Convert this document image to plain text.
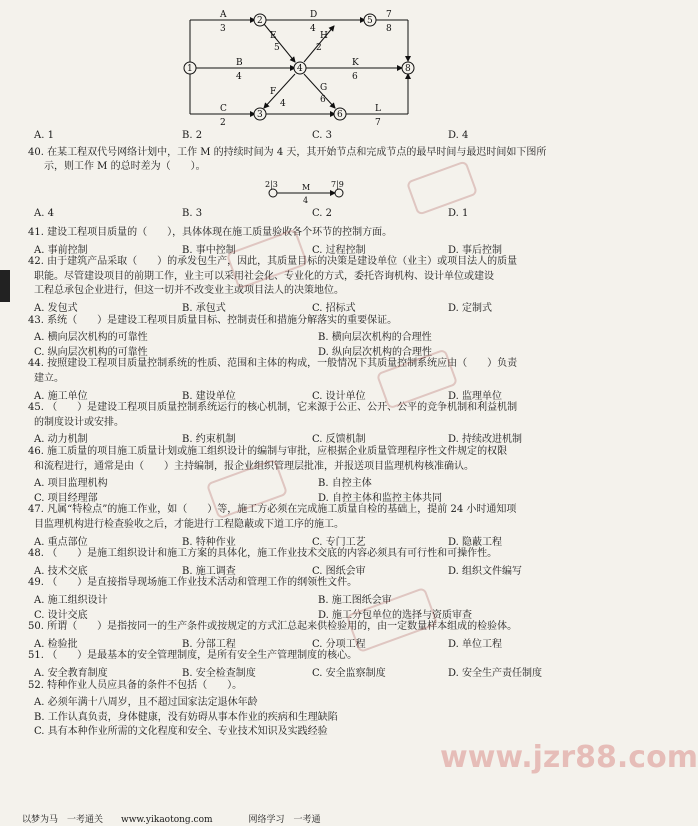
1
2	5
4	8
3	6
A
3
D
4
7
8
B
4
K
6
C
2
L
7
E
5
H
2
F
4
G
6
A. 1	B. 2	C. 3	D. 4
40. 在某工程双代号网络计划中，工作 M 的持续时间为 4 天，其开始节点和完成节点的最早时间与最迟时间如下图所
示，则工作 M 的总时差为（　　）。
2|3	7|9
M
4
A. 4	B. 3	C. 2	D. 1
41. 建设工程项目质量的（　　），具体体现在施工质量验收各个环节的控制方面。
A. 事前控制	B. 事中控制	C. 过程控制	D. 事后控制
42. 由于建筑产品采取（　　）的承发包生产，因此，其质量目标的决策是建设单位（业主）或项目法人的质量
职能。尽管建设项目的前期工作，业主可以采用社会化、专业化的方式，委托咨询机构、设计单位或建设
工程总承包企业进行，但这一切并不改变业主或项目法人的决策地位。
A. 发包式	B. 承包式	C. 招标式	D. 定制式
43. 系统（　　）是建设工程项目质量目标、控制责任和措施分解落实的重要保证。
A. 横向层次机构的可靠性	B. 横向层次机构的合理性
C. 纵向层次机构的可靠性	D. 纵向层次机构的合理性
44. 按照建设工程项目质量控制系统的性质、范围和主体的构成，一般情况下其质量控制系统应由（　　）负责
建立。
A. 施工单位	B. 建设单位	C. 设计单位	D. 监理单位
45. （　　）是建设工程项目质量控制系统运行的核心机制，它来源于公正、公开、公平的竞争机制和利益机制
的制度设计或安排。
A. 动力机制	B. 约束机制	C. 反馈机制	D. 持续改进机制
46. 施工质量的项目施工质量计划或施工组织设计的编制与审批，应根据企业质量管理程序性文件规定的权限
和流程进行，通常是由（　　）主持编制，报企业组织管理层批准，并报送项目监理机构核准确认。
A. 项目监理机构	B. 自控主体
C. 项目经理部	D. 自控主体和监控主体共同
47. 凡属“特检点”的施工作业，如（　　）等，施工方必须在完成施工质量自检的基础上，提前 24 小时通知项
目监理机构进行检查验收之后，才能进行工程隐蔽或下道工序的施工。
A. 重点部位	B. 特种作业	C. 专门工艺	D. 隐蔽工程
48. （　　）是施工组织设计和施工方案的具体化，施工作业技术交底的内容必须具有可行性和可操作性。
A. 技术交底	B. 施工调查	C. 图纸会审	D. 组织文件编写
49. （　　）是直接指导现场施工作业技术活动和管理工作的纲领性文件。
A. 施工组织设计	B. 施工图纸会审
C. 设计交底	D. 施工分包单位的选择与资质审查
50. 所谓（　　）是指按同一的生产条件或按规定的方式汇总起来供检验用的，由一定数量样本组成的检验体。
A. 检验批	B. 分部工程	C. 分项工程	D. 单位工程
51. （　　）是最基本的安全管理制度，是所有安全生产管理制度的核心。
A. 安全教育制度	B. 安全检查制度	C. 安全监察制度	D. 安全生产责任制度
52. 特种作业人员应具备的条件不包括（　　）。
A. 必须年满十八周岁，且不超过国家法定退休年龄
B. 工作认真负责，身体健康，没有妨碍从事本作业的疾病和生理缺陷
C. 具有本种作业所需的文化程度和安全、专业技术知识及实践经验
www.jzr88.com
以梦为马　一考通关　　www.yikaotong.com　　　　网络学习　一考通
